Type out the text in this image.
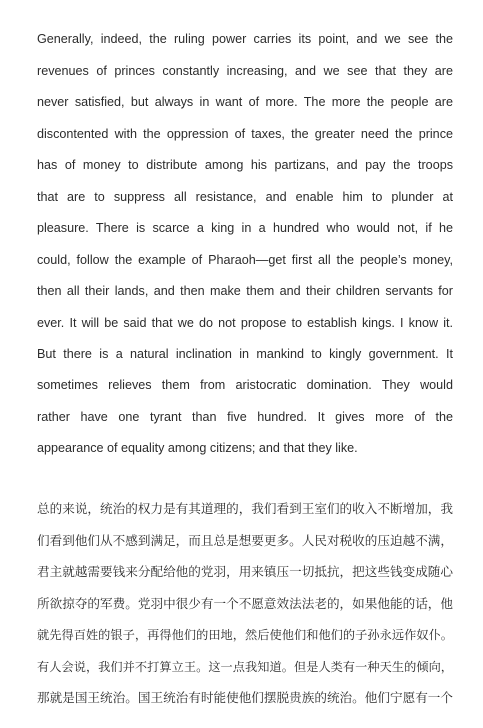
Generally, indeed, the ruling power carries its point, and we see the

revenues of princes constantly increasing, and we see that they are

never satisfied, but always in want of more. The more the people are

discontented with the oppression of taxes, the greater need the prince

has of money to distribute among his partizans, and pay the troops

that are to suppress all resistance, and enable him to plunder at

pleasure. There is scarce a king in a hundred who would not, if he

could, follow the example of Pharaoh—get first all the people’s money,

then all their lands, and then make them and their children servants for

ever. It will be said that we do not propose to establish kings. I know it.

But there is a natural inclination in mankind to kingly government. It

sometimes relieves them from aristocratic domination. They would

rather have one tyrant than five hundred. It gives more of the

appearance of equality among citizens; and that they like.

总的来说，统治的权力是有其道理的，我们看到王室们的收入不断增加，我

们看到他们从不感到满足，而且总是想要更多。人民对税收的压迫越不满，

君主就越需要钱来分配给他的党羽，用来镇压一切抵抗，把这些钱变成随心

所欲掠夺的军费。党羽中很少有一个不愿意效法法老的，如果他能的话，他

就先得百姓的银子，再得他们的田地，然后使他们和他们的子孙永远作奴仆。

有人会说，我们并不打算立王。这一点我知道。但是人类有一种天生的倾向，

那就是国王统治。国王统治有时能使他们摆脱贵族的统治。他们宁愿有一个
